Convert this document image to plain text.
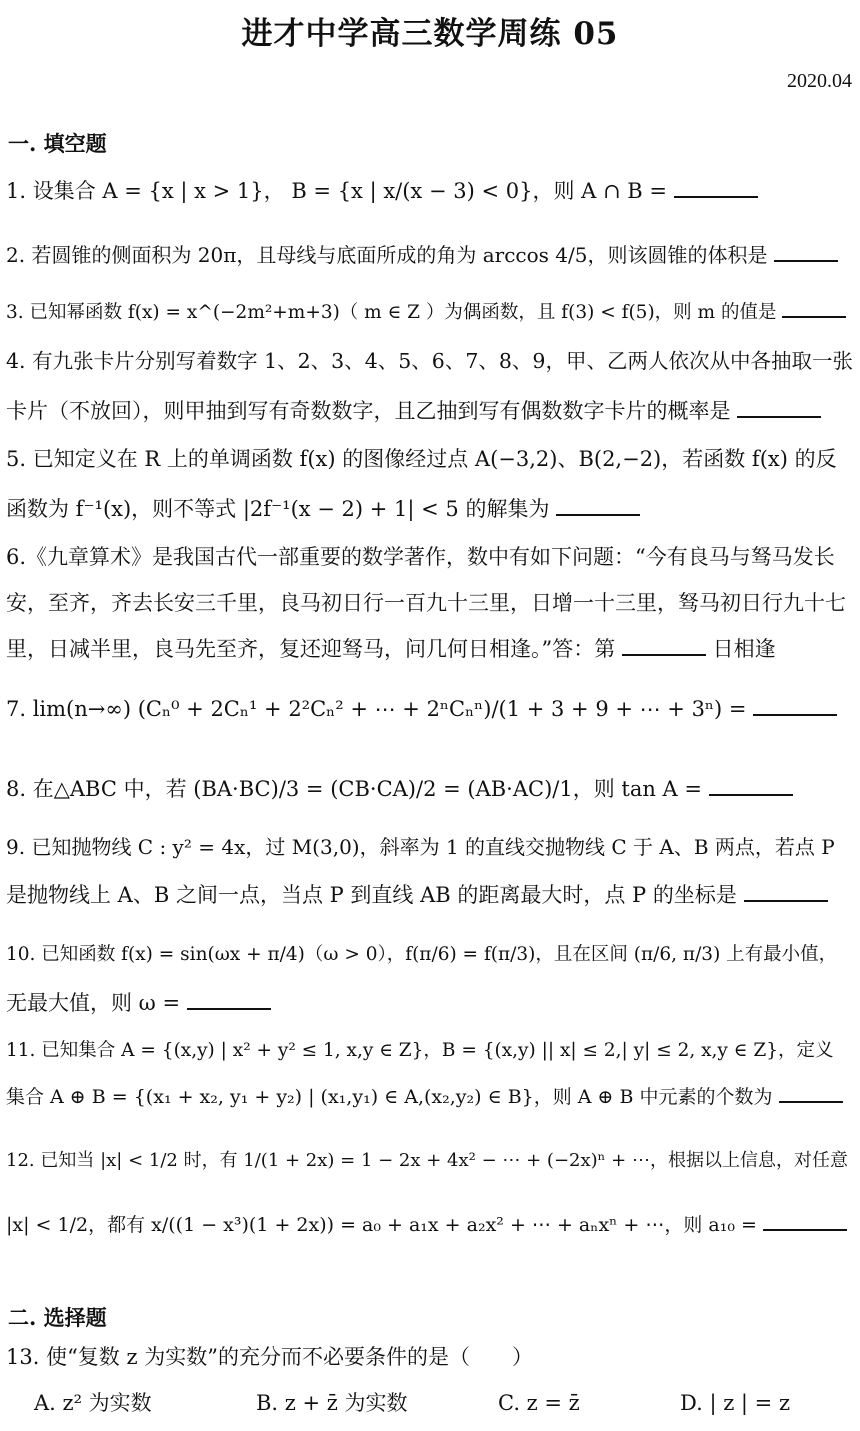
进才中学高三数学周练 05
2020.04
一. 填空题
1. 设集合 A = {x | x > 1}， B = {x | x/(x − 3) < 0}，则 A ∩ B =
2. 若圆锥的侧面积为 20π，且母线与底面所成的角为 arccos 4/5，则该圆锥的体积是
3. 已知幂函数 f(x) = x^(−2m²+m+3)（ m ∈ Z ）为偶函数，且 f(3) < f(5)，则 m 的值是
4. 有九张卡片分别写着数字 1、2、3、4、5、6、7、8、9，甲、乙两人依次从中各抽取一张
卡片（不放回），则甲抽到写有奇数数字，且乙抽到写有偶数数字卡片的概率是
5. 已知定义在 R 上的单调函数 f(x) 的图像经过点 A(−3,2)、B(2,−2)，若函数 f(x) 的反
函数为 f⁻¹(x)，则不等式 |2f⁻¹(x − 2) + 1| < 5 的解集为
6.《九章算术》是我国古代一部重要的数学著作，数中有如下问题：“今有良马与驽马发长
安，至齐，齐去长安三千里，良马初日行一百九十三里，日增一十三里，驽马初日行九十七
里，日减半里，良马先至齐，复还迎驽马，问几何日相逢。”答：第	日相逢
7. lim(n→∞) (Cₙ⁰ + 2Cₙ¹ + 2²Cₙ² + ⋯ + 2ⁿCₙⁿ)/(1 + 3 + 9 + ⋯ + 3ⁿ) =
8. 在△ABC 中，若 (BA·BC)/3 = (CB·CA)/2 = (AB·AC)/1，则 tan A =
9. 已知抛物线 C : y² = 4x，过 M(3,0)，斜率为 1 的直线交抛物线 C 于 A、B 两点，若点 P
是抛物线上 A、B 之间一点，当点 P 到直线 AB 的距离最大时，点 P 的坐标是
10. 已知函数 f(x) = sin(ωx + π/4)（ω > 0），f(π/6) = f(π/3)，且在区间 (π/6, π/3) 上有最小值，
无最大值，则 ω =
11. 已知集合 A = {(x,y) | x² + y² ≤ 1, x,y ∈ Z}，B = {(x,y) || x| ≤ 2,| y| ≤ 2, x,y ∈ Z}，定义
集合 A ⊕ B = {(x₁ + x₂, y₁ + y₂) | (x₁,y₁) ∈ A,(x₂,y₂) ∈ B}，则 A ⊕ B 中元素的个数为
12. 已知当 |x| < 1/2 时，有 1/(1 + 2x) = 1 − 2x + 4x² − ⋯ + (−2x)ⁿ + ⋯，根据以上信息，对任意
|x| < 1/2，都有 x/((1 − x³)(1 + 2x)) = a₀ + a₁x + a₂x² + ⋯ + aₙxⁿ + ⋯，则 a₁₀ =
二. 选择题
13. 使“复数 z 为实数”的充分而不必要条件的是（　　）
A. z² 为实数	B. z + z̄ 为实数	C. z = z̄	D. | z | = z
